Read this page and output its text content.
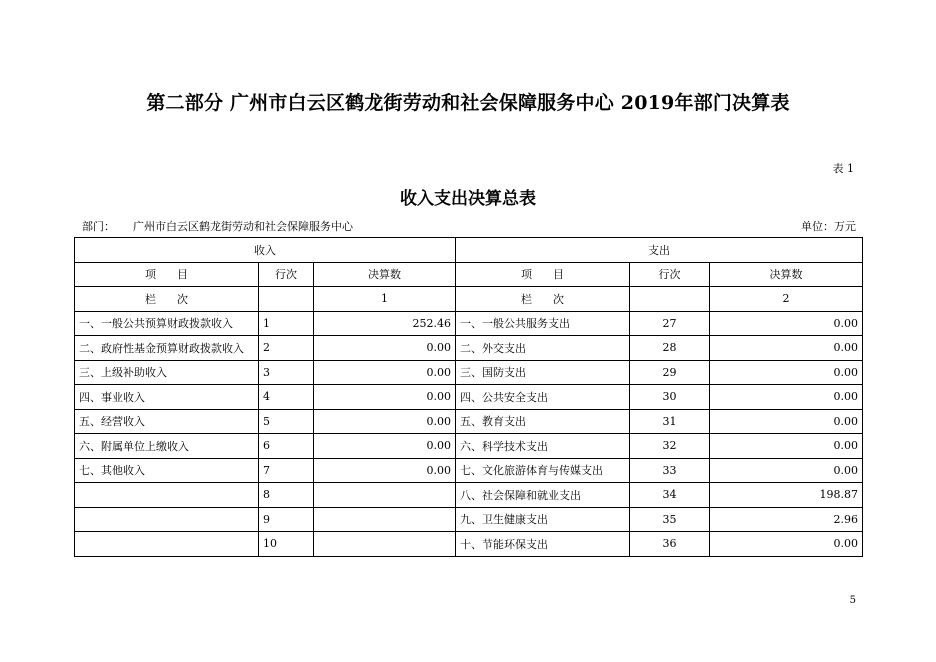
第二部分 广州市白云区鹤龙街劳动和社会保障服务中心 2019年部门决算表
表 1
收入支出决算总表
部门： 广州市白云区鹤龙街劳动和社会保障服务中心	单位：万元
收入			支出		
项      目	行次	决算数	项      目	行次	决算数
栏      次		1	栏      次		2
一、一般公共预算财政拨款收入	1	252.46	一、一般公共服务支出	27	0.00
二、政府性基金预算财政拨款收入	2	0.00	二、外交支出	28	0.00
三、上级补助收入	3	0.00	三、国防支出	29	0.00
四、事业收入	4	0.00	四、公共安全支出	30	0.00
五、经营收入	5	0.00	五、教育支出	31	0.00
六、附属单位上缴收入	6	0.00	六、科学技术支出	32	0.00
七、其他收入	7	0.00	七、文化旅游体育与传媒支出	33	0.00
	8		八、社会保障和就业支出	34	198.87
	9		九、卫生健康支出	35	2.96
	10		十、节能环保支出	36	0.00
5
